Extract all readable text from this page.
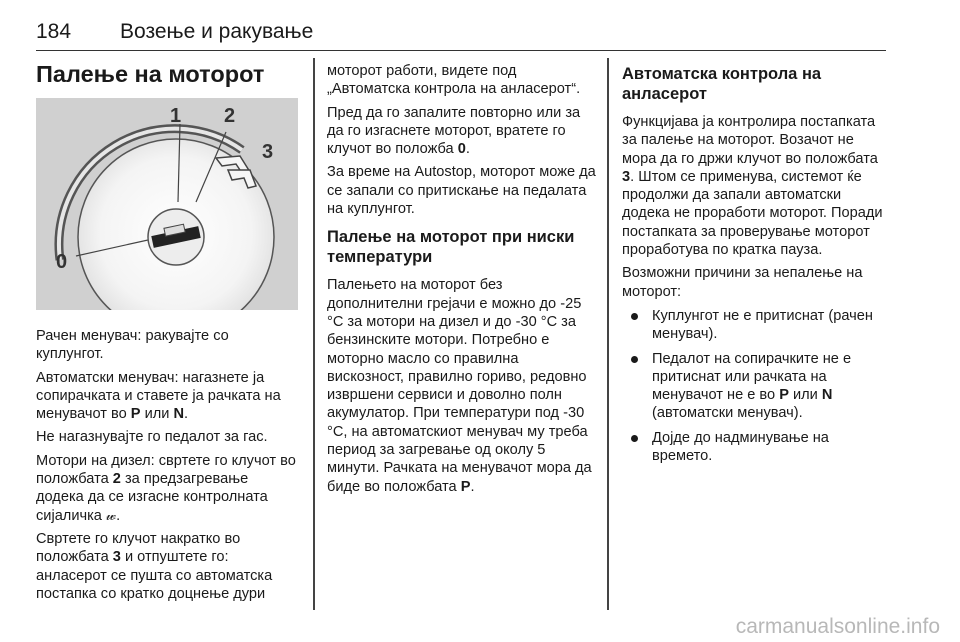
184 Возење и ракување
Палење на моторот
1 2
3
0

Рачен менувач: ракувајте со куплунгот.

Автоматски менувач: нагазнете ја сопирачката и ставете ја рачката на менувачот во P или N.

Не нагазнувајте го педалот за гас.

Мотори на дизел: свртете го клучот во положбата 2 за предзагревање додека да се изгасне контролната сијаличка 𝓌.

Свртете го клучот накратко во положбата 3 и отпуштете го: анласерот се пушта со автоматска постапка со кратко доцнење дури

моторот работи, видете под „Автоматска контрола на анласерот“.

Пред да го запалите повторно или за да го изгаснете моторот, вратете го клучот во положба 0.

За време на Autostop, моторот може да се запали со притискање на педалата на куплунгот.

Палење на моторот при ниски температури

Палењето на моторот без дополнителни грејачи е можно до -25 °C за мотори на дизел и до -30 °C за бензинските мотори. Потребно е моторно масло со правилна вискозност, правилно гориво, редовно извршени сервиси и доволно полн акумулатор. При температури под -30 °C, на автоматскиот менувач му треба период за загревање од околу 5 минути. Рачката на менувачот мора да биде во положбата P.

Автоматска контрола на анласерот

Функцијава ја контролира постапката за палење на моторот. Возачот не мора да го држи клучот во положбата 3. Штом се применува, системот ќе продолжи да запали автоматски додека не проработи моторот. Поради постапката за проверување моторот проработува по кратка пауза.

Возможни причини за непалење на моторот:

Куплунгот не е притиснат (рачен менувач).
Педалот на сопирачките не е притиснат или рачката на менувачот не е во P или N (автоматски менувач).
Дојде до надминување на времето.
carmanualsonline.info
